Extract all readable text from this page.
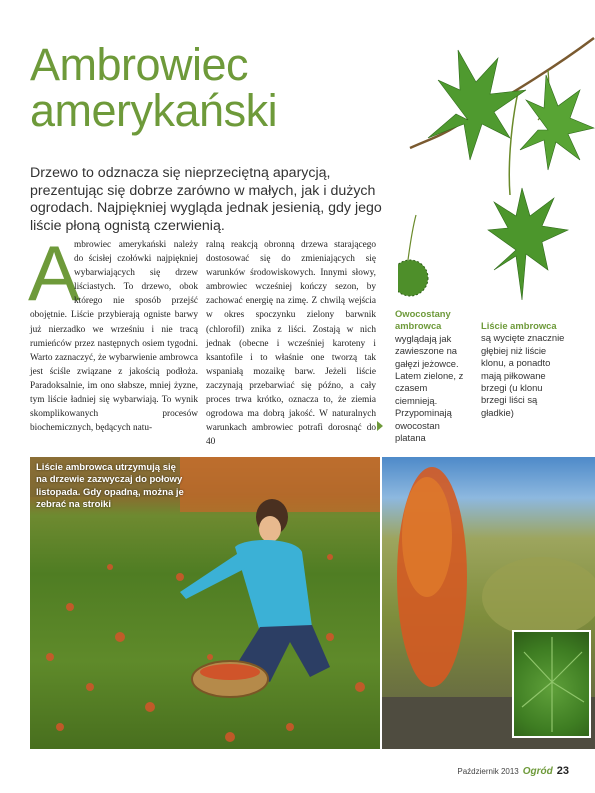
Ambrowiec
amerykański
Drzewo to odznacza się nieprzeciętną aparycją, prezentując się dobrze zarówno w małych, jak i dużych ogrodach. Najpiękniej wygląda jednak jesienią, gdy jego liście płoną ognistą czerwienią.
A
mbrowiec amerykański należy do ścisłej czołówki najpiękniej wybarwiających się drzew liściastych. To drzewo, obok którego nie sposób przejść obojętnie. Liście przybierają ogniste barwy już nierzadko we wrześniu i nie tracą rumieńców przez następnych osiem tygodni. Warto zaznaczyć, że wybarwienie ambrowca jest ściśle związane z jakością podłoża. Paradoksalnie, im ono słabsze, mniej żyzne, tym liście ładniej się wybarwiają. To wynik skomplikowanych procesów biochemicznych, będących natu-
ralną reakcją obronną drzewa starającego dostosować się do zmieniających się warunków środowiskowych. Innymi słowy, ambrowiec wcześniej kończy sezon, by zachować energię na zimę. Z chwilą wejścia w okres spoczynku zielony barwnik (chlorofil) znika z liści. Zostają w nich jednak (obecne i wcześniej karoteny i ksantofile i to właśnie one tworzą tak wspaniałą mozaikę barw. Jeżeli liście zaczynają przebarwiać się późno, a cały proces trwa krótko, oznacza to, że ziemia ogrodowa ma dobrą jakość. W naturalnych warunkach ambrowiec potrafi dorosnąć do 40
Owocostany ambrowca wyglądają jak zawieszone na gałęzi jeżowce. Latem zielone, z czasem ciemnieją. Przypominają owocostan platana
Liście ambrowca są wycięte znacznie głębiej niż liście klonu, a ponadto mają piłkowane brzegi (u klonu brzegi liści są gładkie)
Liście ambrowca utrzymują się na drzewie zazwyczaj do połowy listopada. Gdy opadną, można je zebrać na stroiki
Październik 2013 Ogród 23
